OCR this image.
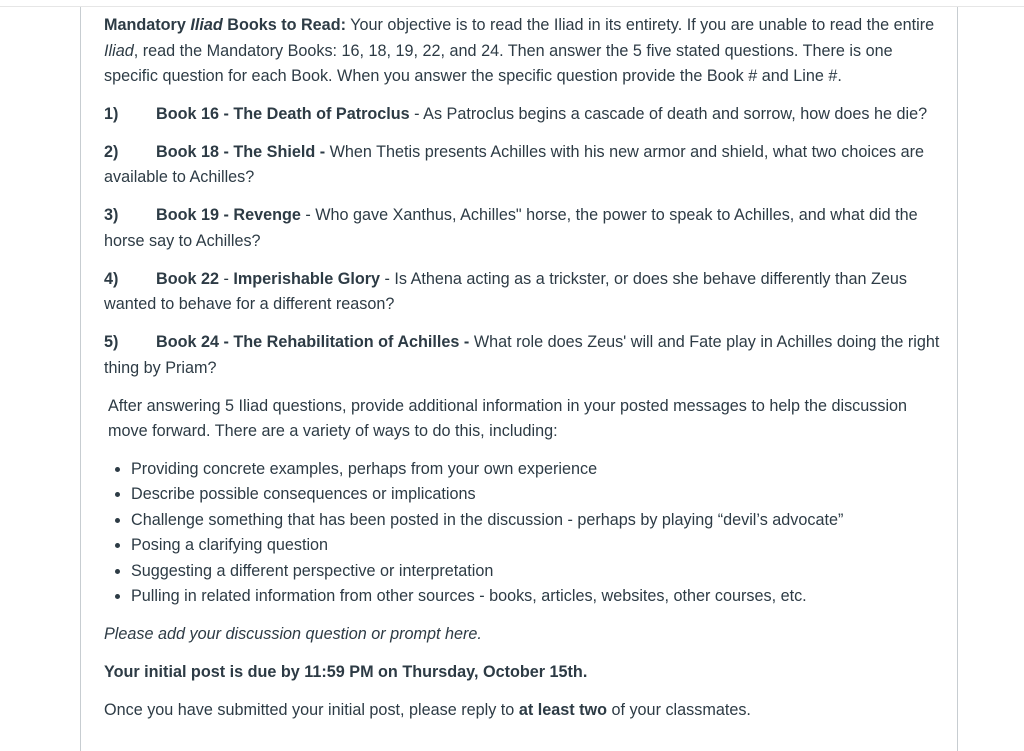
Mandatory Iliad Books to Read: Your objective is to read the Iliad in its entirety. If you are unable to read the entire Iliad, read the Mandatory Books: 16, 18, 19, 22, and 24. Then answer the 5 five stated questions. There is one specific question for each Book. When you answer the specific question provide the Book # and Line #.

1) Book 16 - The Death of Patroclus - As Patroclus begins a cascade of death and sorrow, how does he die?

2) Book 18 - The Shield - When Thetis presents Achilles with his new armor and shield, what two choices are available to Achilles?

3) Book 19 - Revenge - Who gave Xanthus, Achilles" horse, the power to speak to Achilles, and what did the horse say to Achilles?

4) Book 22 - Imperishable Glory - Is Athena acting as a trickster, or does she behave differently than Zeus wanted to behave for a different reason?

5) Book 24 - The Rehabilitation of Achilles - What role does Zeus' will and Fate play in Achilles doing the right thing by Priam?

After answering 5 Iliad questions, provide additional information in your posted messages to help the discussion move forward. There are a variety of ways to do this, including:

• Providing concrete examples, perhaps from your own experience
• Describe possible consequences or implications
• Challenge something that has been posted in the discussion - perhaps by playing “devil’s advocate”
• Posing a clarifying question
• Suggesting a different perspective or interpretation
• Pulling in related information from other sources - books, articles, websites, other courses, etc.

Please add your discussion question or prompt here.

Your initial post is due by 11:59 PM on Thursday, October 15th.

Once you have submitted your initial post, please reply to at least two of your classmates.
